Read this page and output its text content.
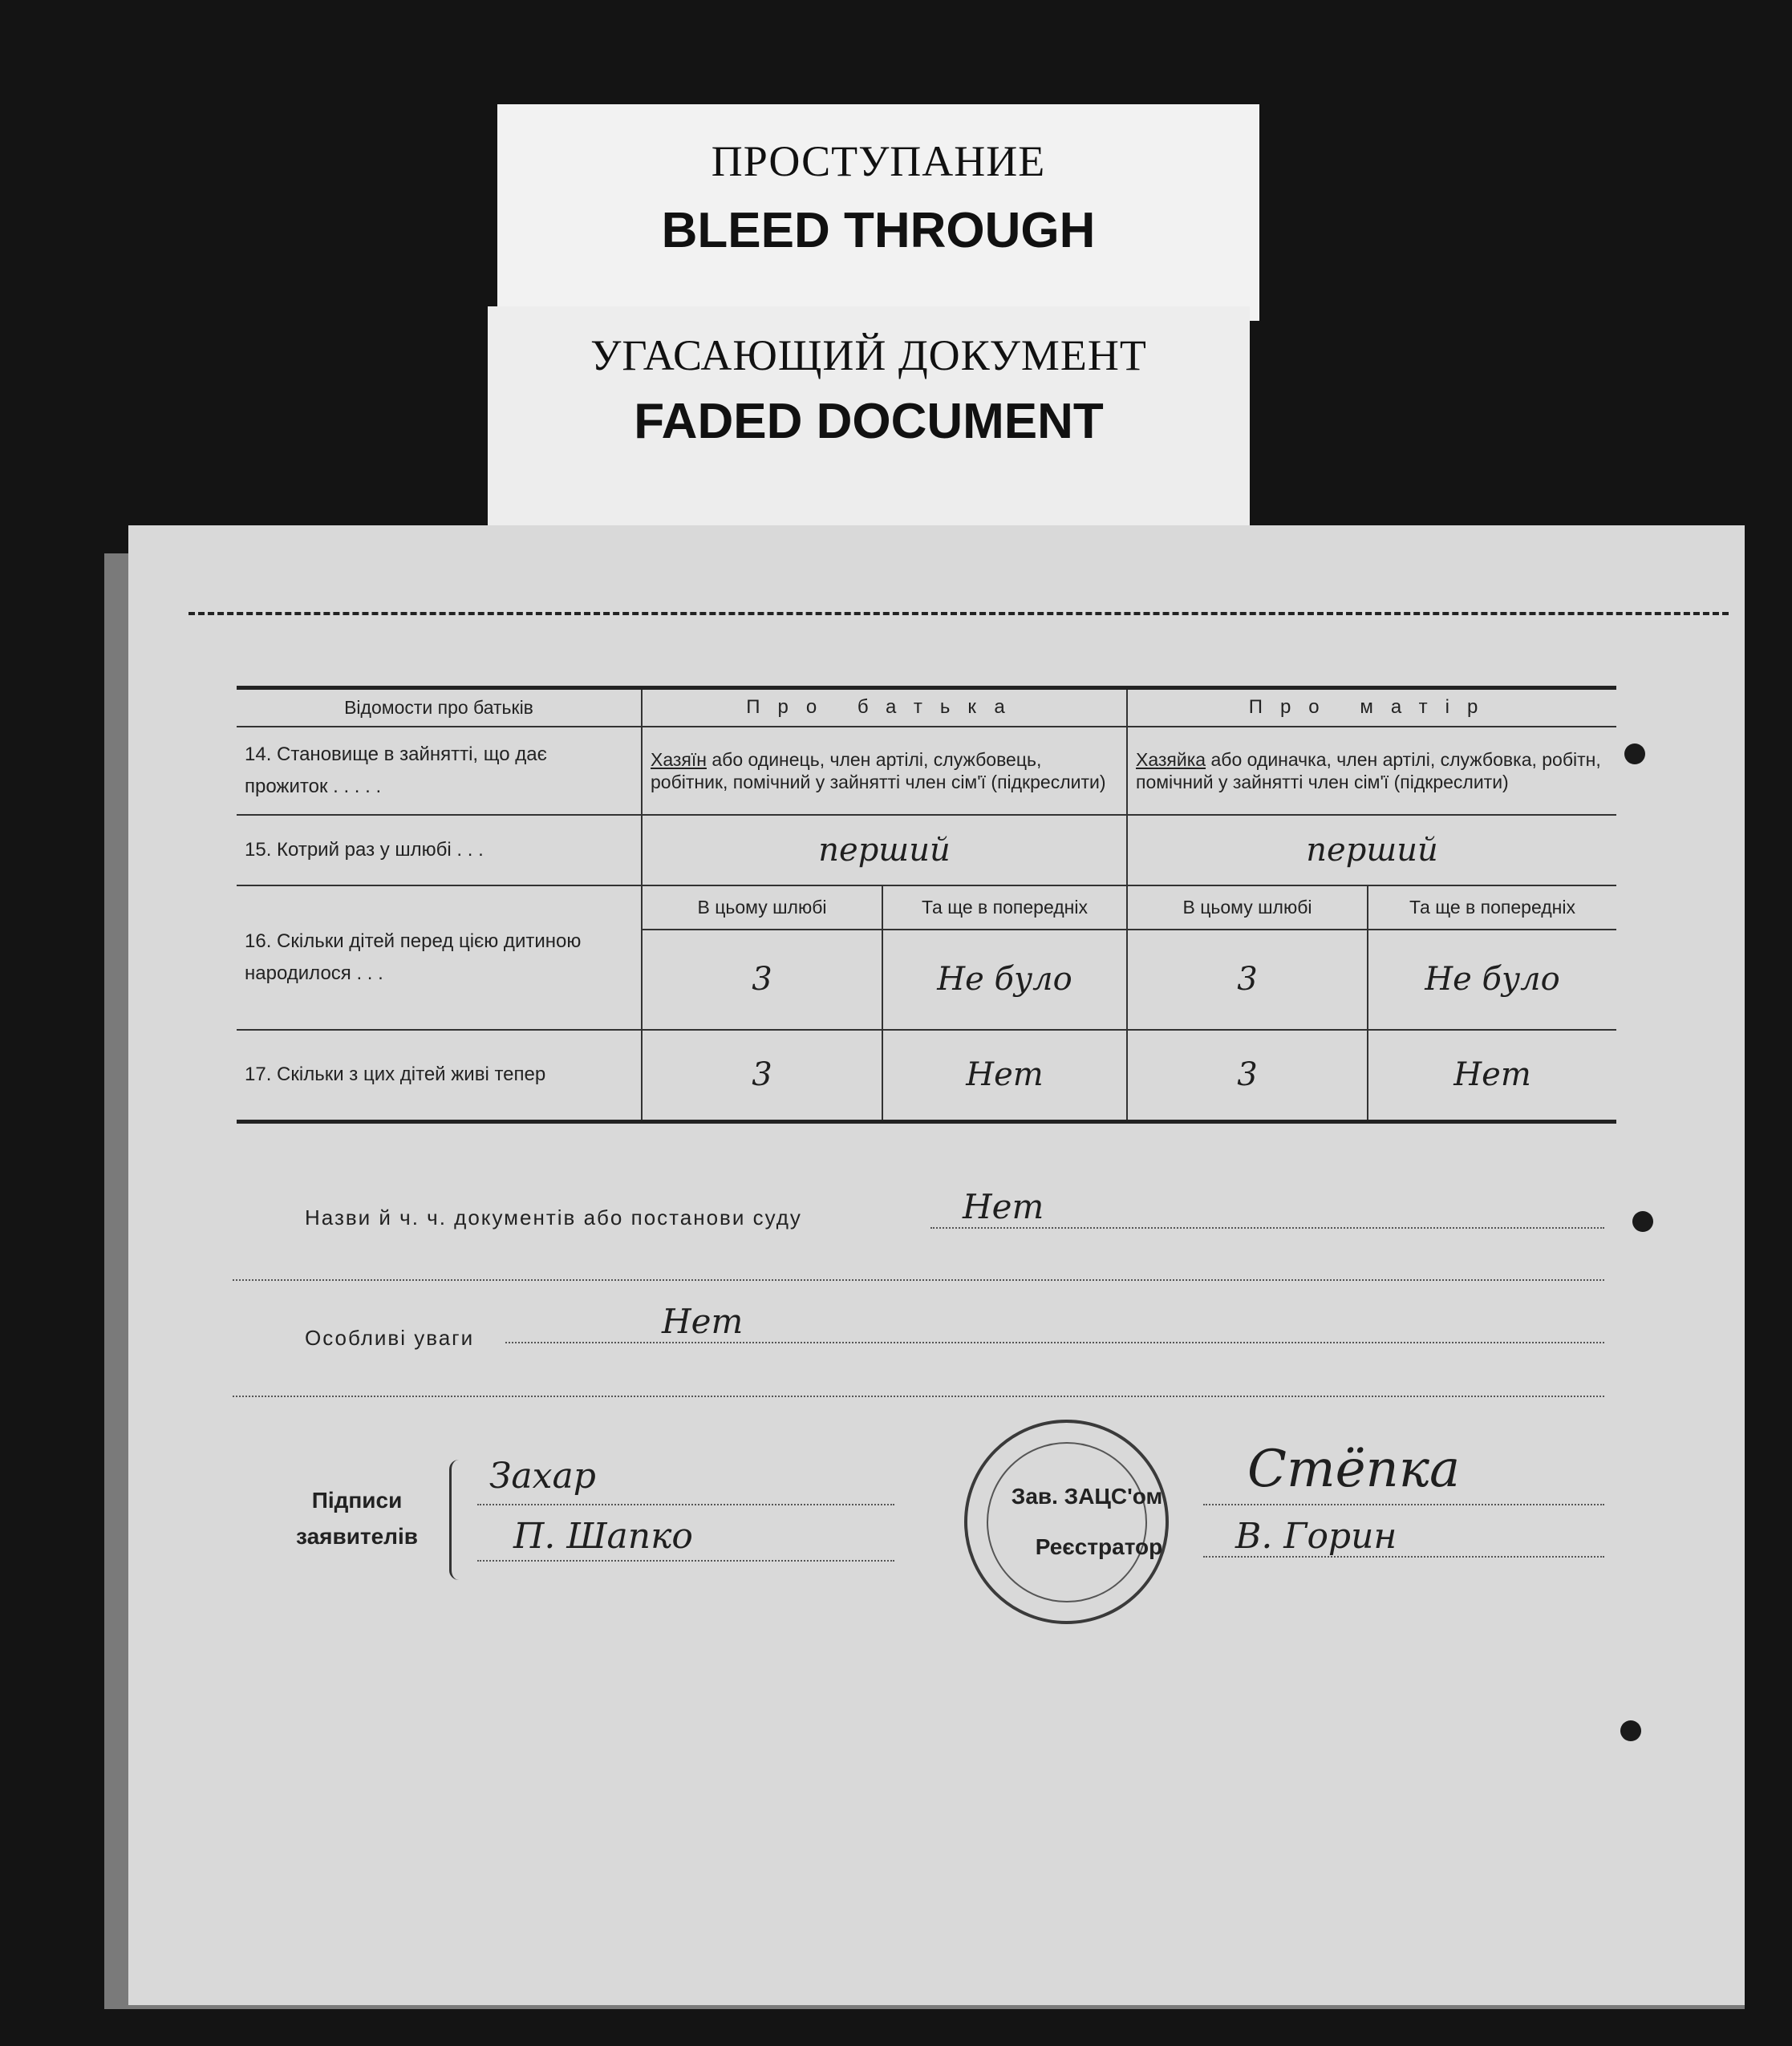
ПРОСТУПАНИЕ
BLEED THROUGH
УГАСАЮЩИЙ ДОКУМЕНТ
FADED DOCUMENT
Відомости про батьків	Про батька		Про матір	
14. Становище в зайнятті, що дає прожиток . . . . .	Хазяїн або одинець, член артілі, службовець, робітник, помічний у зайнятті член сім'ї (підкреслити)		Хазяйка або одиначка, член артілі, службовка, робітн, помічний у зайнятті член сім'ї (підкреслити)	
15. Котрий раз у шлюбі . . .	перший		перший	
16. Скільки дітей перед цією дитиною народилося . . .	В цьому шлюбі	Та ще в попередніх	В цьому шлюбі	Та ще в попередніх
	3	Не було	3	Не було
17. Скільки з цих дітей живі тепер	3	Нет	3	Нет
Назви й ч. ч. документів або постанови суду	Нет
Особливі уваги	Нет
Підписи
заявителів
Захар
П. Шапко
Зав. ЗАЦС'ом
Реєстратор
Стёпка
В. Горин
